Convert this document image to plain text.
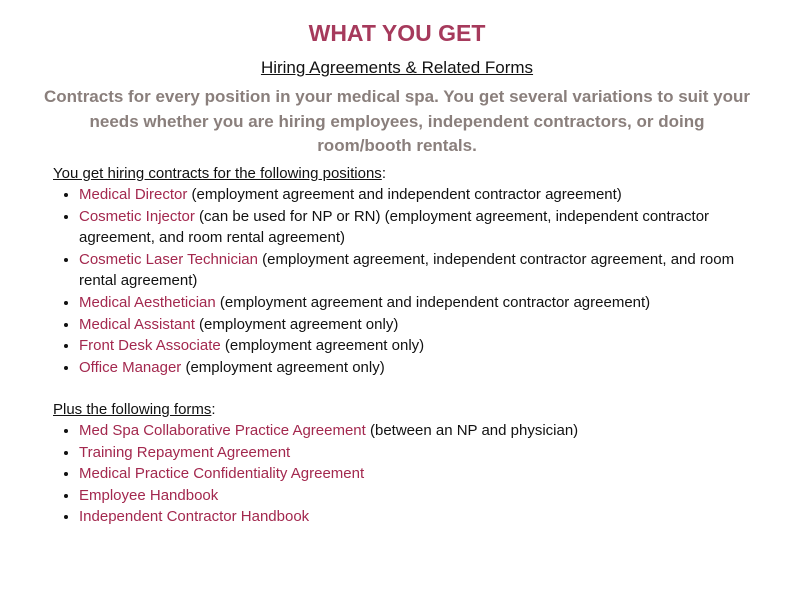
WHAT YOU GET
Hiring Agreements & Related Forms
Contracts for every position in your medical spa. You get several variations to suit your needs whether you are hiring employees, independent contractors, or doing room/booth rentals.
You get hiring contracts for the following positions:
• Medical Director (employment agreement and independent contractor agreement)
• Cosmetic Injector (can be used for NP or RN) (employment agreement, independent contractor agreement, and room rental agreement)
• Cosmetic Laser Technician (employment agreement, independent contractor agreement, and room rental agreement)
• Medical Aesthetician (employment agreement and independent contractor agreement)
• Medical Assistant (employment agreement only)
• Front Desk Associate (employment agreement only)
• Office Manager (employment agreement only)
Plus the following forms:
• Med Spa Collaborative Practice Agreement (between an NP and physician)
• Training Repayment Agreement
• Medical Practice Confidentiality Agreement
• Employee Handbook
• Independent Contractor Handbook
